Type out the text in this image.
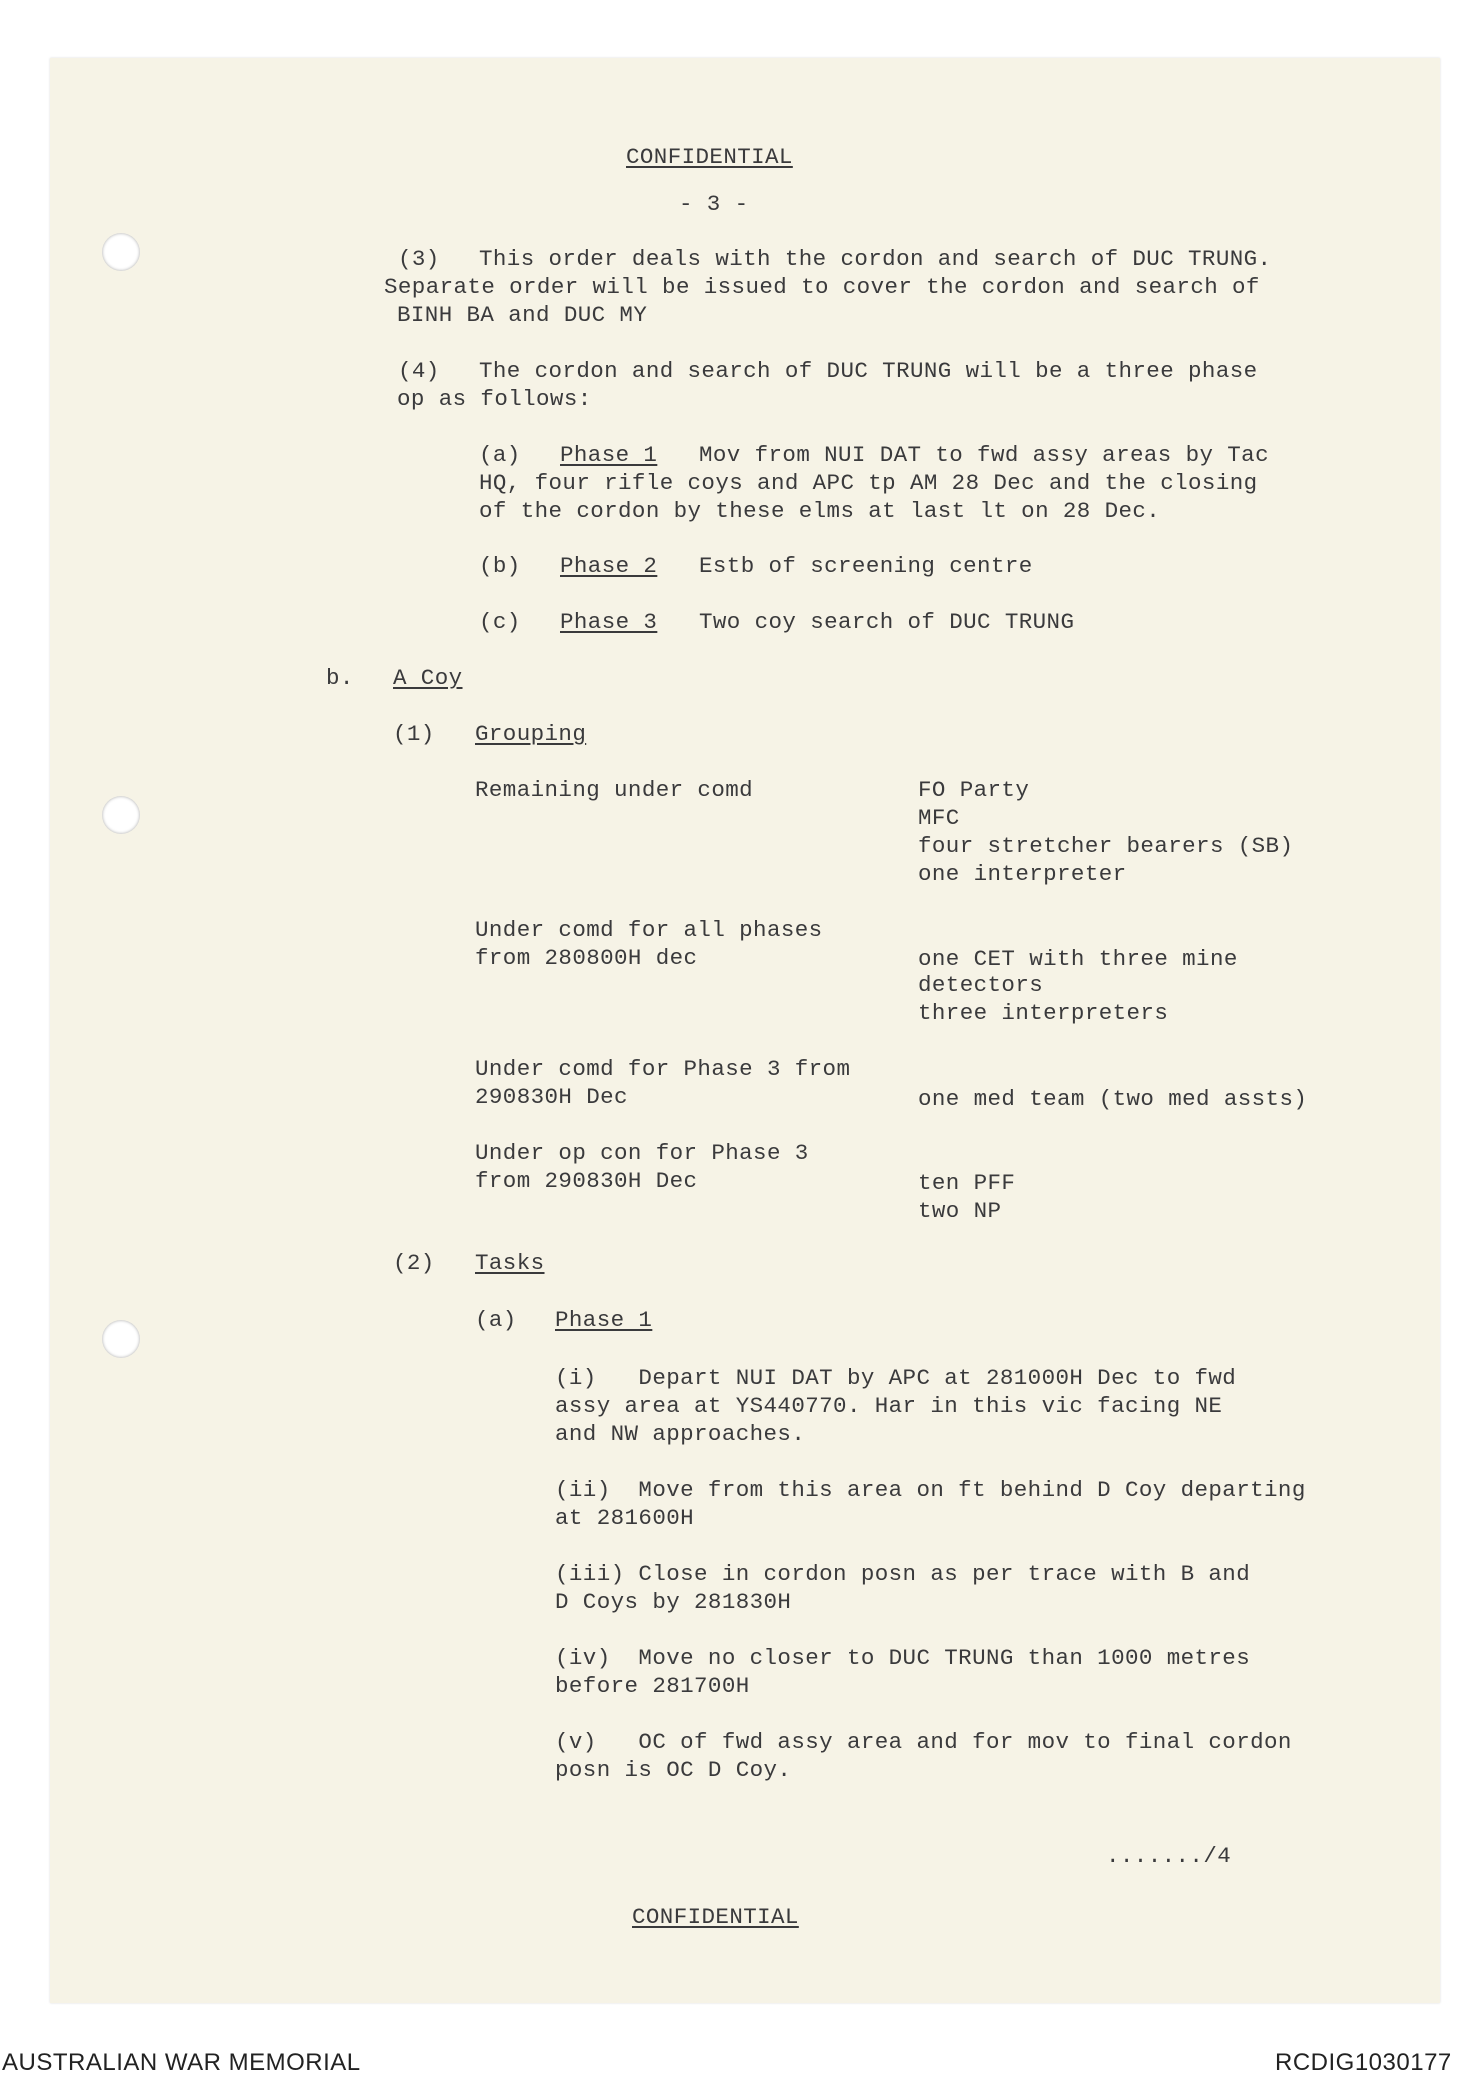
CONFIDENTIAL
- 3 -
(3) This order deals with the cordon and search of DUC TRUNG.
Separate order will be issued to cover the cordon and search of
BINH BA and DUC MY
(4) The cordon and search of DUC TRUNG will be a three phase
op as follows:
(a) Phase 1 Mov from NUI DAT to fwd assy areas by Tac
HQ, four rifle coys and APC tp AM 28 Dec and the closing
of the cordon by these elms at last lt on 28 Dec.
(b) Phase 2 Estb of screening centre
(c) Phase 3 Two coy search of DUC TRUNG
b. A Coy
(1) Grouping
Remaining under comd	FO Party
MFC
four stretcher bearers (SB)
one interpreter
Under comd for all phases
from 280800H dec	one CET with three mine
detectors
three interpreters
Under comd for Phase 3 from
290830H Dec	one med team (two med assts)
Under op con for Phase 3
from 290830H Dec	ten PFF
two NP
(2) Tasks
(a) Phase 1
(i)   Depart NUI DAT by APC at 281000H Dec to fwd
assy area at YS440770. Har in this vic facing NE
and NW approaches.
(ii)  Move from this area on ft behind D Coy departing
at 281600H
(iii) Close in cordon posn as per trace with B and
D Coys by 281830H
(iv)  Move no closer to DUC TRUNG than 1000 metres
before 281700H
(v)   OC of fwd assy area and for mov to final cordon
posn is OC D Coy.
......./4
CONFIDENTIAL
AUSTRALIAN WAR MEMORIAL	RCDIG1030177
